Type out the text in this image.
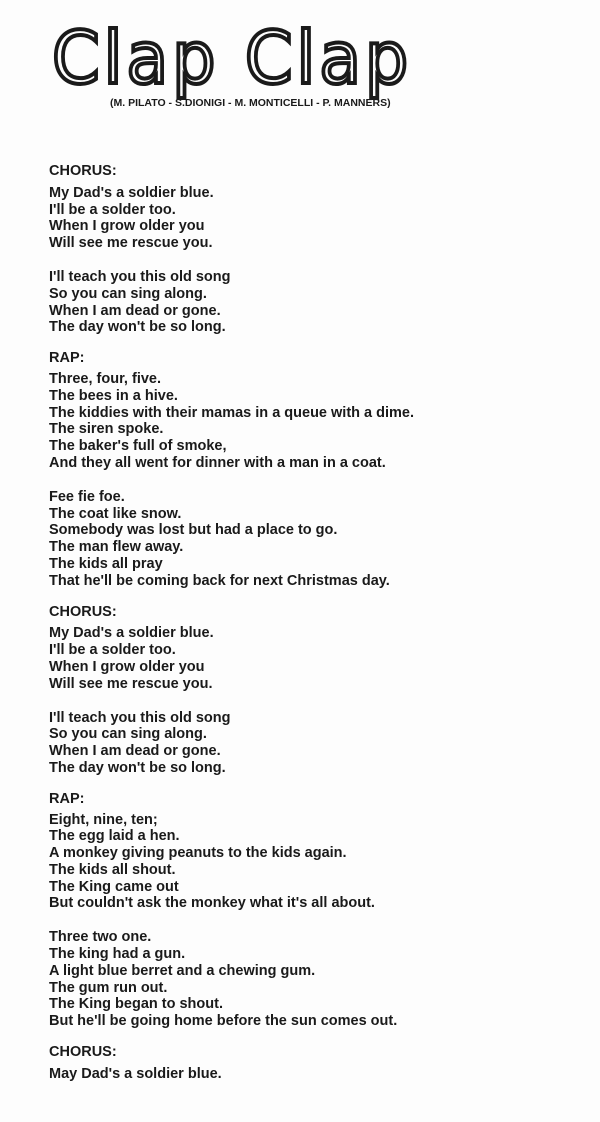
Clap Clap
(M. PILATO - S.DIONIGI - M. MONTICELLI - P. MANNERS)
CHORUS:
My Dad's a soldier blue.
I'll be a solder too.
When I grow older you
Will see me rescue you.
I'll teach you this old song
So you can sing along.
When I am dead or gone.
The day won't be so long.
RAP:
Three, four, five.
The bees in a hive.
The kiddies with their mamas in a queue with a dime.
The siren spoke.
The baker's full of smoke,
And they all went for dinner with a man in a coat.
Fee fie foe.
The coat like snow.
Somebody was lost but had a place to go.
The man flew away.
The kids all pray
That he'll be coming back for next Christmas day.
CHORUS:
My Dad's a soldier blue.
I'll be a solder too.
When I grow older you
Will see me rescue you.
I'll teach you this old song
So you can sing along.
When I am dead or gone.
The day won't be so long.
RAP:
Eight, nine, ten;
The egg laid a hen.
A monkey giving peanuts to the kids again.
The kids all shout.
The King came out
But couldn't ask the monkey what it's all about.
Three two one.
The king had a gun.
A light blue berret and a chewing gum.
The gum run out.
The King began to shout.
But he'll be going home before the sun comes out.
CHORUS:
May Dad's a soldier blue.
